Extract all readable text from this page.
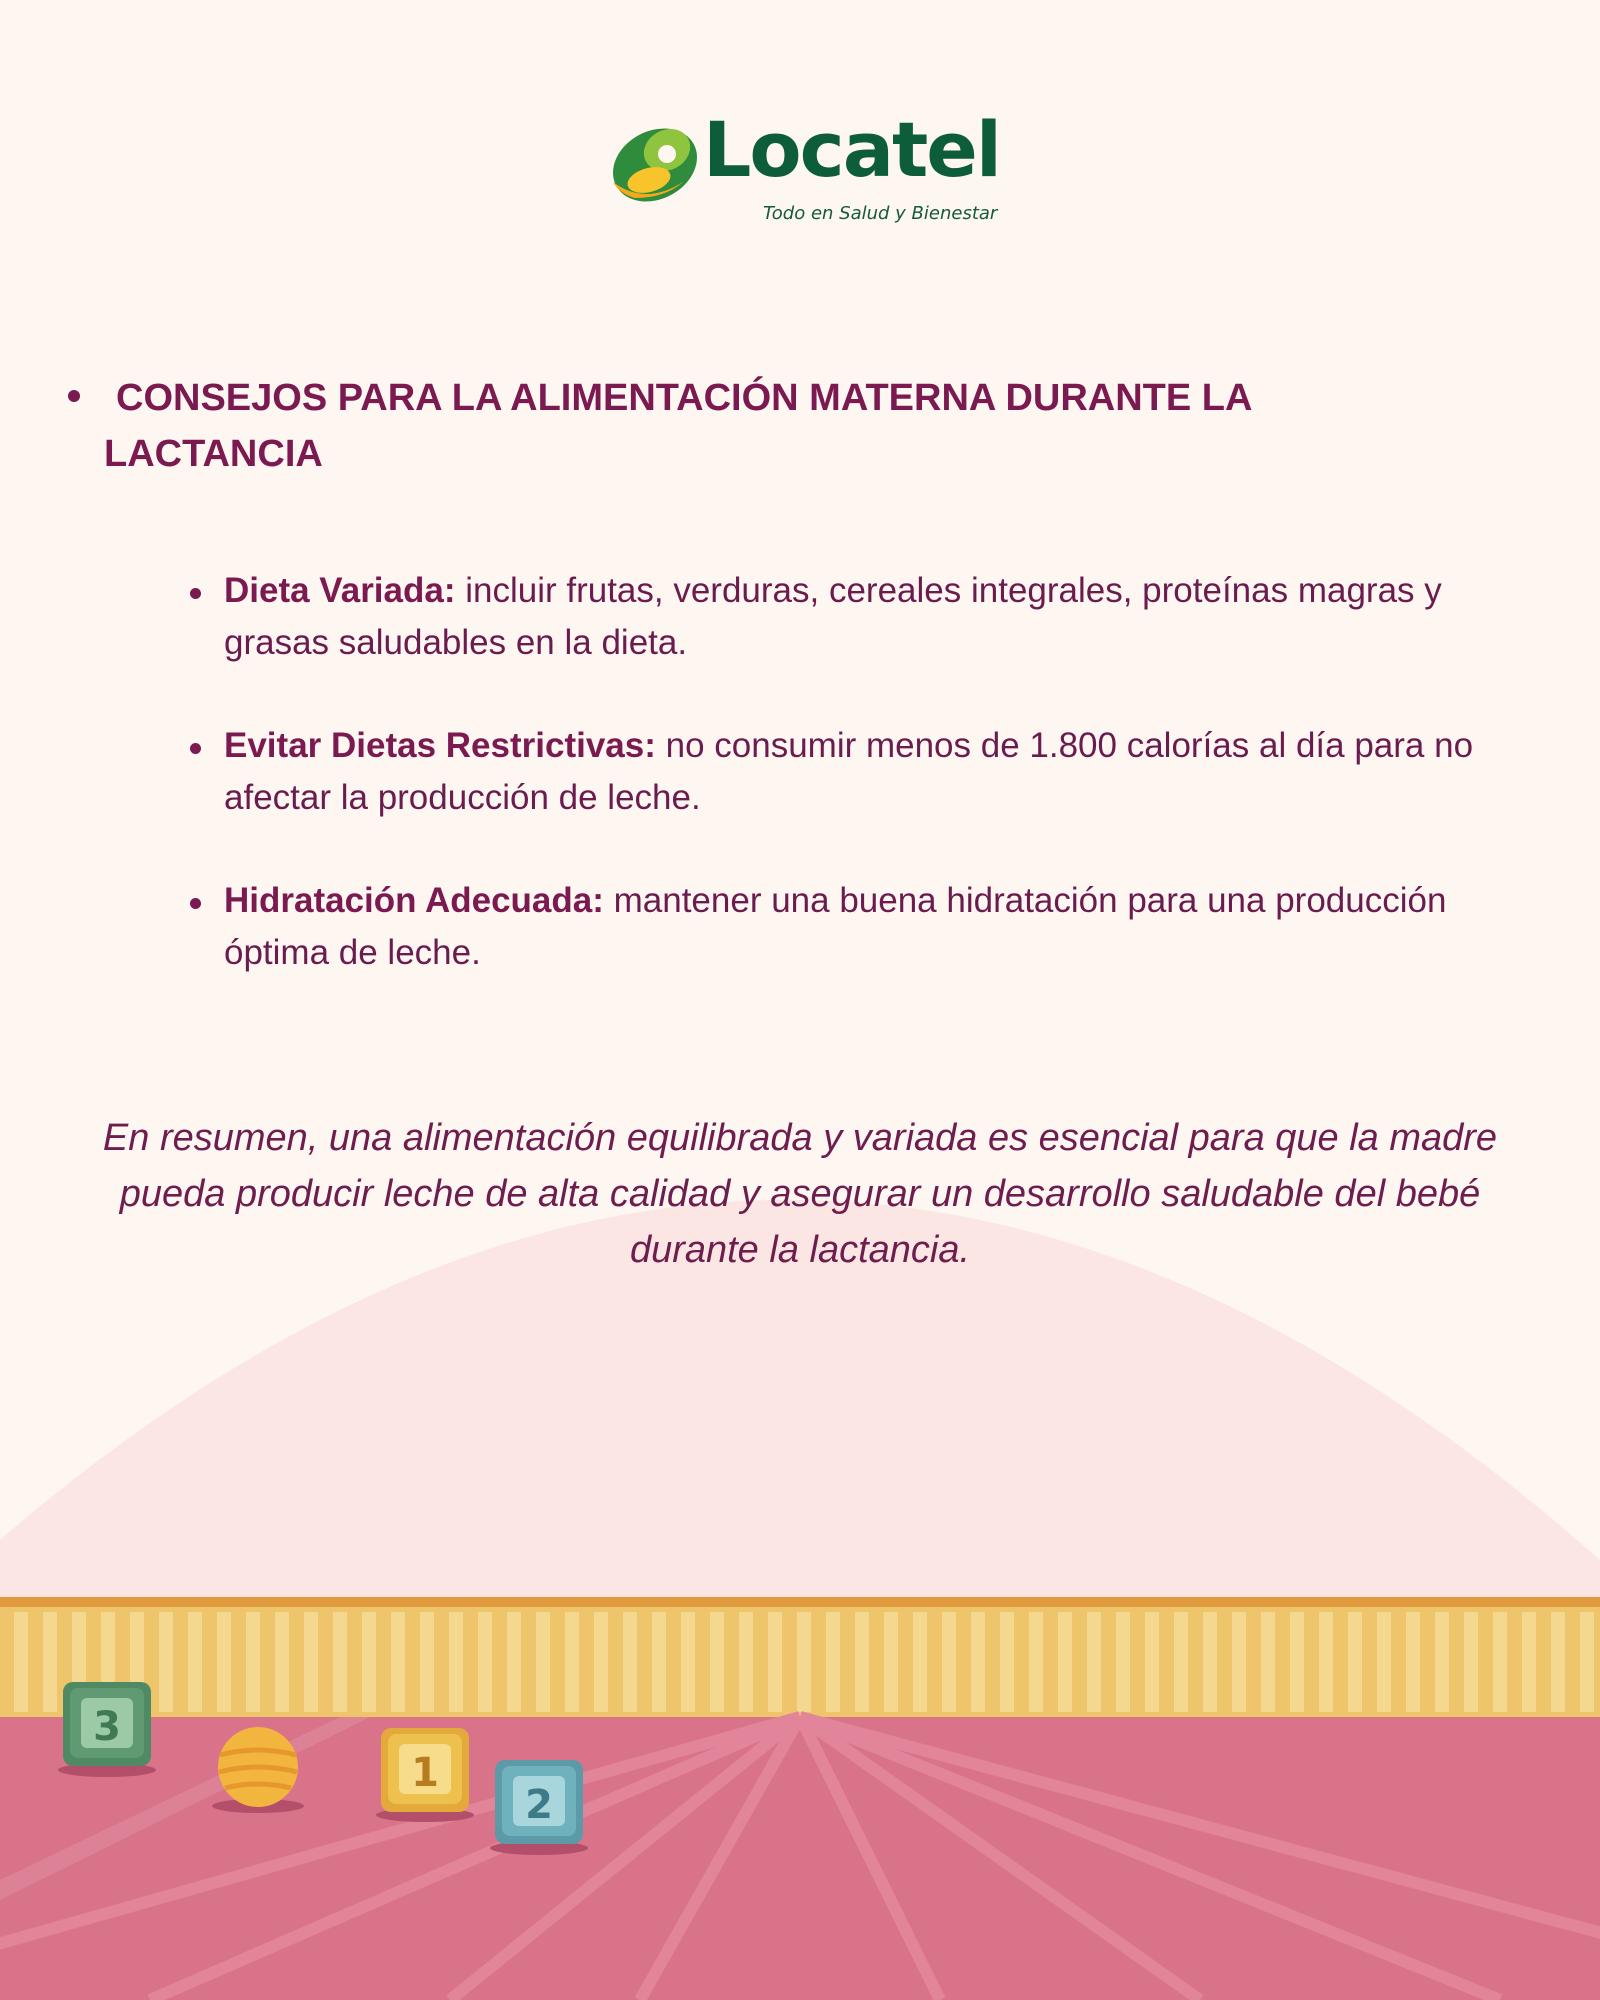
3
1
2
Locatel
Todo en Salud y Bienestar
CONSEJOS PARA LA ALIMENTACIÓN MATERNA DURANTE LA LACTANCIA

Dieta Variada: incluir frutas, verduras, cereales integrales, proteínas magras y grasas saludables en la dieta.

Evitar Dietas Restrictivas: no consumir menos de 1.800 calorías al día para no afectar la producción de leche.

Hidratación Adecuada: mantener una buena hidratación para una producción óptima de leche.

En resumen, una alimentación equilibrada y variada es esencial para que la madre pueda producir leche de alta calidad y asegurar un desarrollo saludable del bebé durante la lactancia.
